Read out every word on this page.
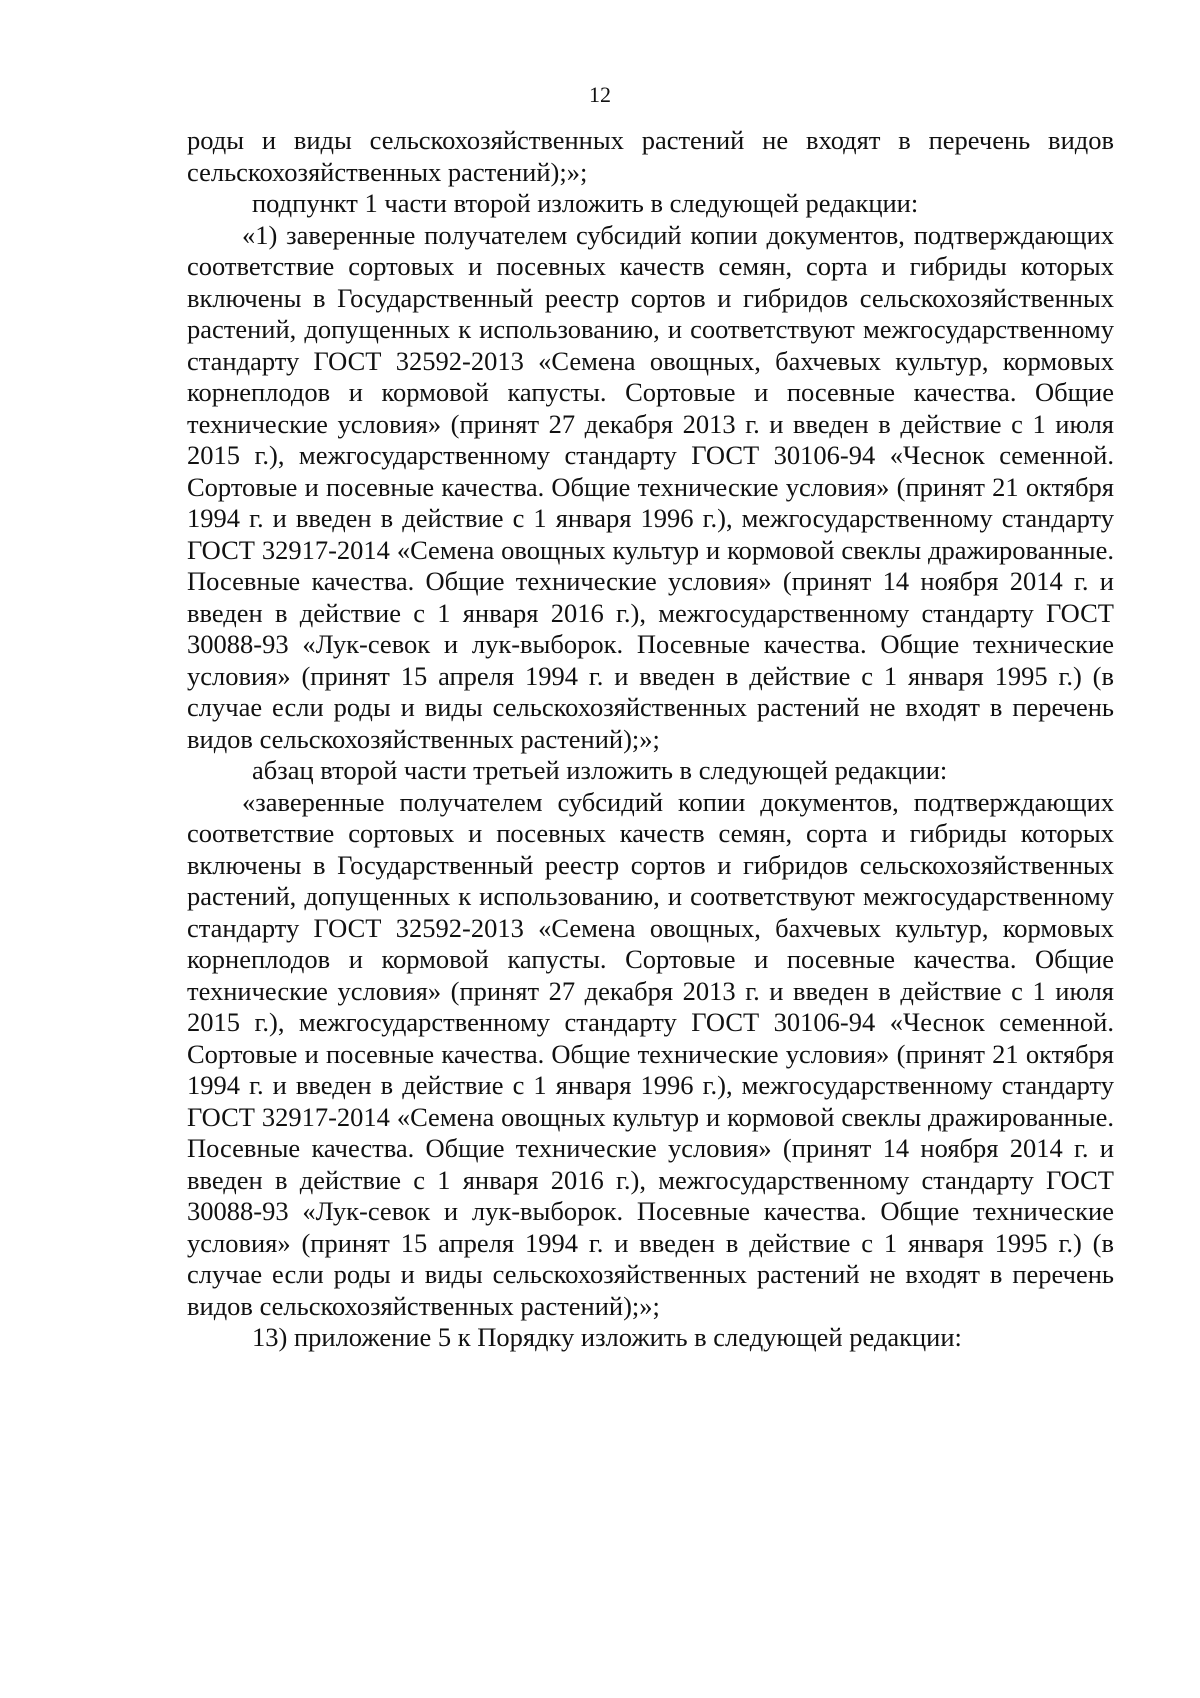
12

роды и виды сельскохозяйственных растений не входят в перечень видов сельскохозяйственных растений);»;

подпункт 1 части второй изложить в следующей редакции:

«1) заверенные получателем субсидий копии документов, подтверждающих соответствие сортовых и посевных качеств семян, сорта и гибриды которых включены в Государственный реестр сортов и гибридов сельскохозяйственных растений, допущенных к использованию, и соответствуют межгосударственному стандарту ГОСТ 32592-2013 «Семена овощных, бахчевых культур, кормовых корнеплодов и кормовой капусты. Сортовые и посевные качества. Общие технические условия» (принят 27 декабря 2013 г. и введен в действие с 1 июля 2015 г.), межгосударственному стандарту ГОСТ 30106-94 «Чеснок семенной. Сортовые и посевные качества. Общие технические условия» (принят 21 октября 1994 г. и введен в действие с 1 января 1996 г.), межгосударственному стандарту ГОСТ 32917-2014 «Семена овощных культур и кормовой свеклы дражированные. Посевные качества. Общие технические условия» (принят 14 ноября 2014 г. и введен в действие с 1 января 2016 г.), межгосударственному стандарту ГОСТ 30088-93 «Лук-севок и лук-выборок. Посевные качества. Общие технические условия» (принят 15 апреля 1994 г. и введен в действие с 1 января 1995 г.) (в случае если роды и виды сельскохозяйственных растений не входят в перечень видов сельскохозяйственных растений);»;

абзац второй части третьей изложить в следующей редакции:

«заверенные получателем субсидий копии документов, подтверждающих соответствие сортовых и посевных качеств семян, сорта и гибриды которых включены в Государственный реестр сортов и гибридов сельскохозяйственных растений, допущенных к использованию, и соответствуют межгосударственному стандарту ГОСТ 32592-2013 «Семена овощных, бахчевых культур, кормовых корнеплодов и кормовой капусты. Сортовые и посевные качества. Общие технические условия» (принят 27 декабря 2013 г. и введен в действие с 1 июля 2015 г.), межгосударственному стандарту ГОСТ 30106-94 «Чеснок семенной. Сортовые и посевные качества. Общие технические условия» (принят 21 октября 1994 г. и введен в действие с 1 января 1996 г.), межгосударственному стандарту ГОСТ 32917-2014 «Семена овощных культур и кормовой свеклы дражированные. Посевные качества. Общие технические условия» (принят 14 ноября 2014 г. и введен в действие с 1 января 2016 г.), межгосударственному стандарту ГОСТ 30088-93 «Лук-севок и лук-выборок. Посевные качества. Общие технические условия» (принят 15 апреля 1994 г. и введен в действие с 1 января 1995 г.) (в случае если роды и виды сельскохозяйственных растений не входят в перечень видов сельскохозяйственных растений);»;

13) приложение 5 к Порядку изложить в следующей редакции:
